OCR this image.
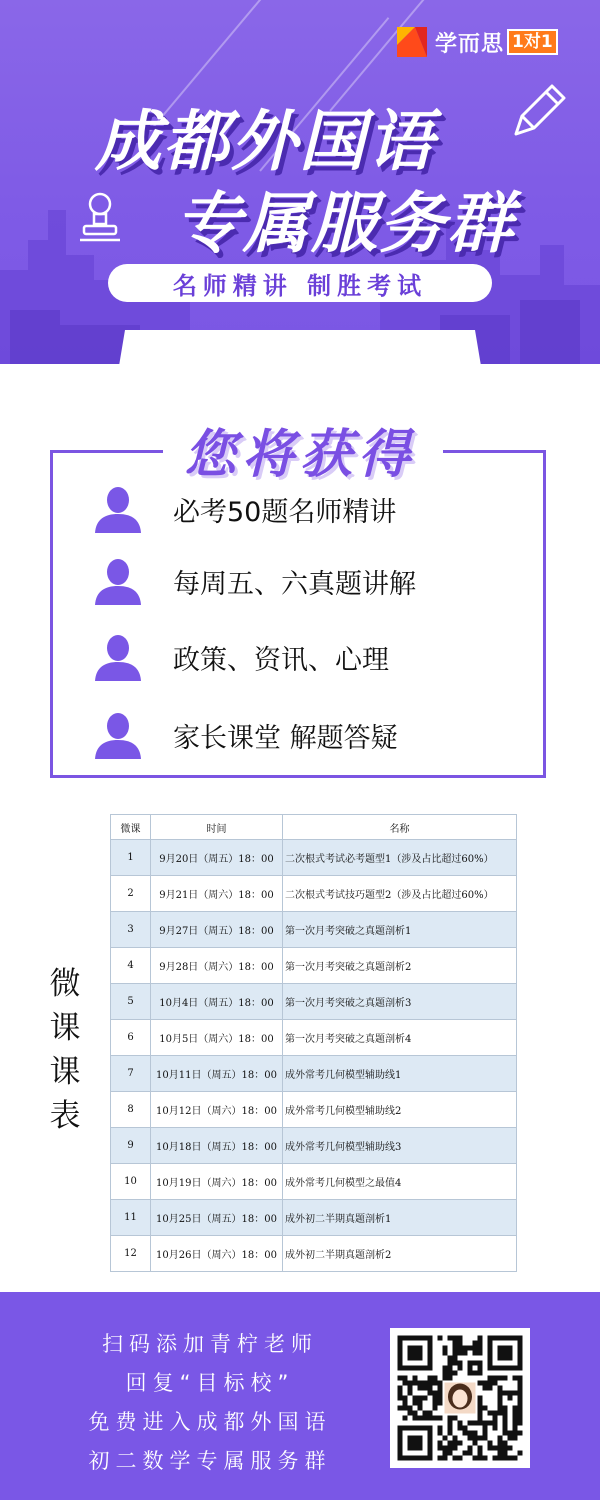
学而思 1对1
成都外国语
专属服务群
名师精讲 制胜考试
必考50题名师精讲
每周五、六真题讲解
政策、资讯、心理
家长课堂 解题答疑
您将获得
微
课
课
表
微课	时间	名称
1	9月20日（周五）18：00	二次根式考试必考题型1（涉及占比超过60%）
2	9月21日（周六）18：00	二次根式考试技巧题型2（涉及占比超过60%）
3	9月27日（周五）18：00	第一次月考突破之真题剖析1
4	9月28日（周六）18：00	第一次月考突破之真题剖析2
5	10月4日（周五）18：00	第一次月考突破之真题剖析3
6	10月5日（周六）18：00	第一次月考突破之真题剖析4
7	10月11日（周五）18：00	成外常考几何模型辅助线1
8	10月12日（周六）18：00	成外常考几何模型辅助线2
9	10月18日（周五）18：00	成外常考几何模型辅助线3
10	10月19日（周六）18：00	成外常考几何模型之最值4
11	10月25日（周五）18：00	成外初二半期真题剖析1
12	10月26日（周六）18：00	成外初二半期真题剖析2
扫码添加青柠老师
回复“目标校”
免费进入成都外国语
初二数学专属服务群
